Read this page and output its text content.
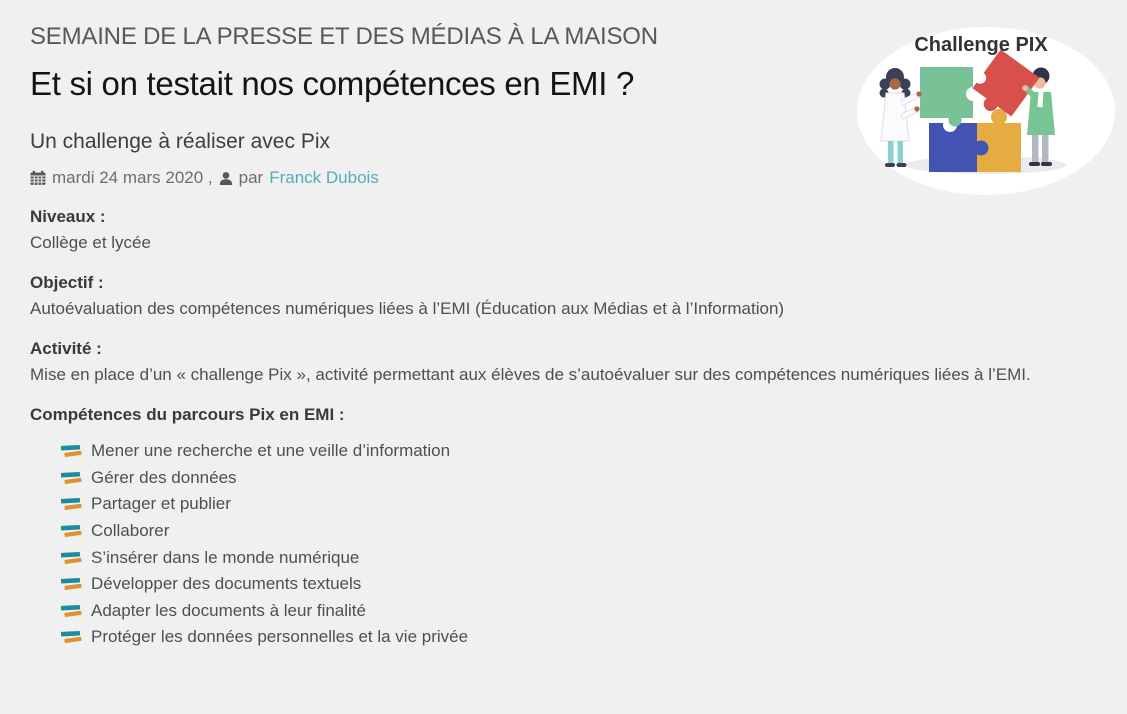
SEMAINE DE LA PRESSE ET DES MÉDIAS À LA MAISON
Et si on testait nos compétences en EMI ?
Un challenge à réaliser avec Pix
mardi 24 mars 2020 , par Franck Dubois
Niveaux :
Collège et lycée
Objectif :
Autoévaluation des compétences numériques liées à l’EMI (Éducation aux Médias et à l’Information)
Activité :
Mise en place d’un « challenge Pix », activité permettant aux élèves de s’autoévaluer sur des compétences numériques liées à l’EMI.
Compétences du parcours Pix en EMI :
Mener une recherche et une veille d’information
Gérer des données
Partager et publier
Collaborer
S’insérer dans le monde numérique
Développer des documents textuels
Adapter les documents à leur finalité
Protéger les données personnelles et la vie privée
Challenge PIX
